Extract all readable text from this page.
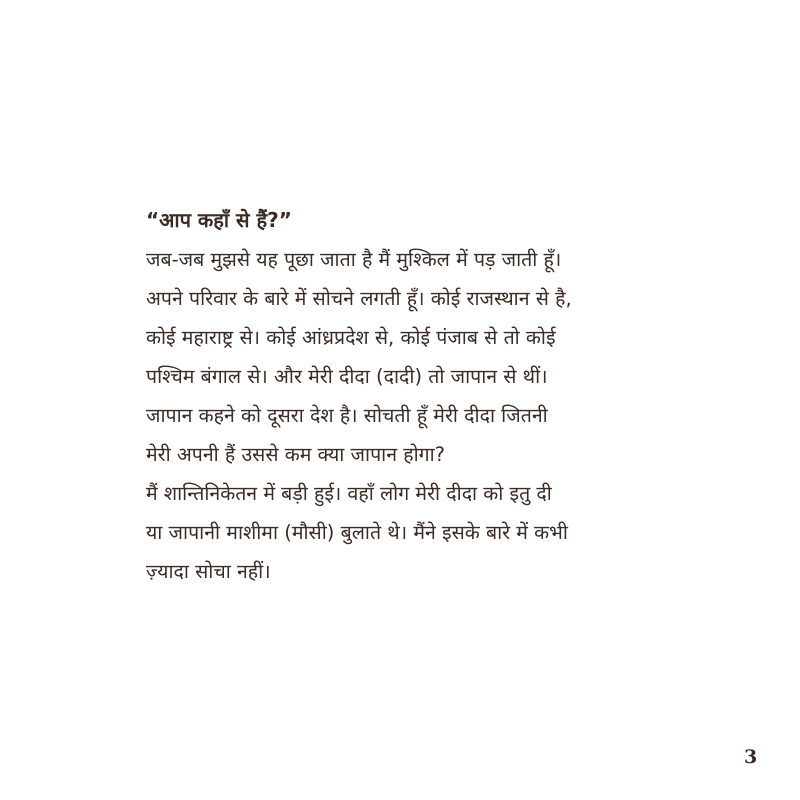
“आप कहाँ से हैं?”
जब-जब मुझसे यह पूछा जाता है मैं मुश्किल में पड़ जाती हूँ।
अपने परिवार के बारे में सोचने लगती हूँ। कोई राजस्थान से है,
कोई महाराष्ट्र से। कोई आंध्रप्रदेश से, कोई पंजाब से तो कोई
पश्चिम बंगाल से। और मेरी दीदा (दादी) तो जापान से थीं।
जापान कहने को दूसरा देश है। सोचती हूँ मेरी दीदा जितनी
मेरी अपनी हैं उससे कम क्या जापान होगा?
मैं शान्तिनिकेतन में बड़ी हुई। वहाँ लोग मेरी दीदा को इतु दी
या जापानी माशीमा (मौसी) बुलाते थे। मैंने इसके बारे में कभी
ज़्यादा सोचा नहीं।
3
